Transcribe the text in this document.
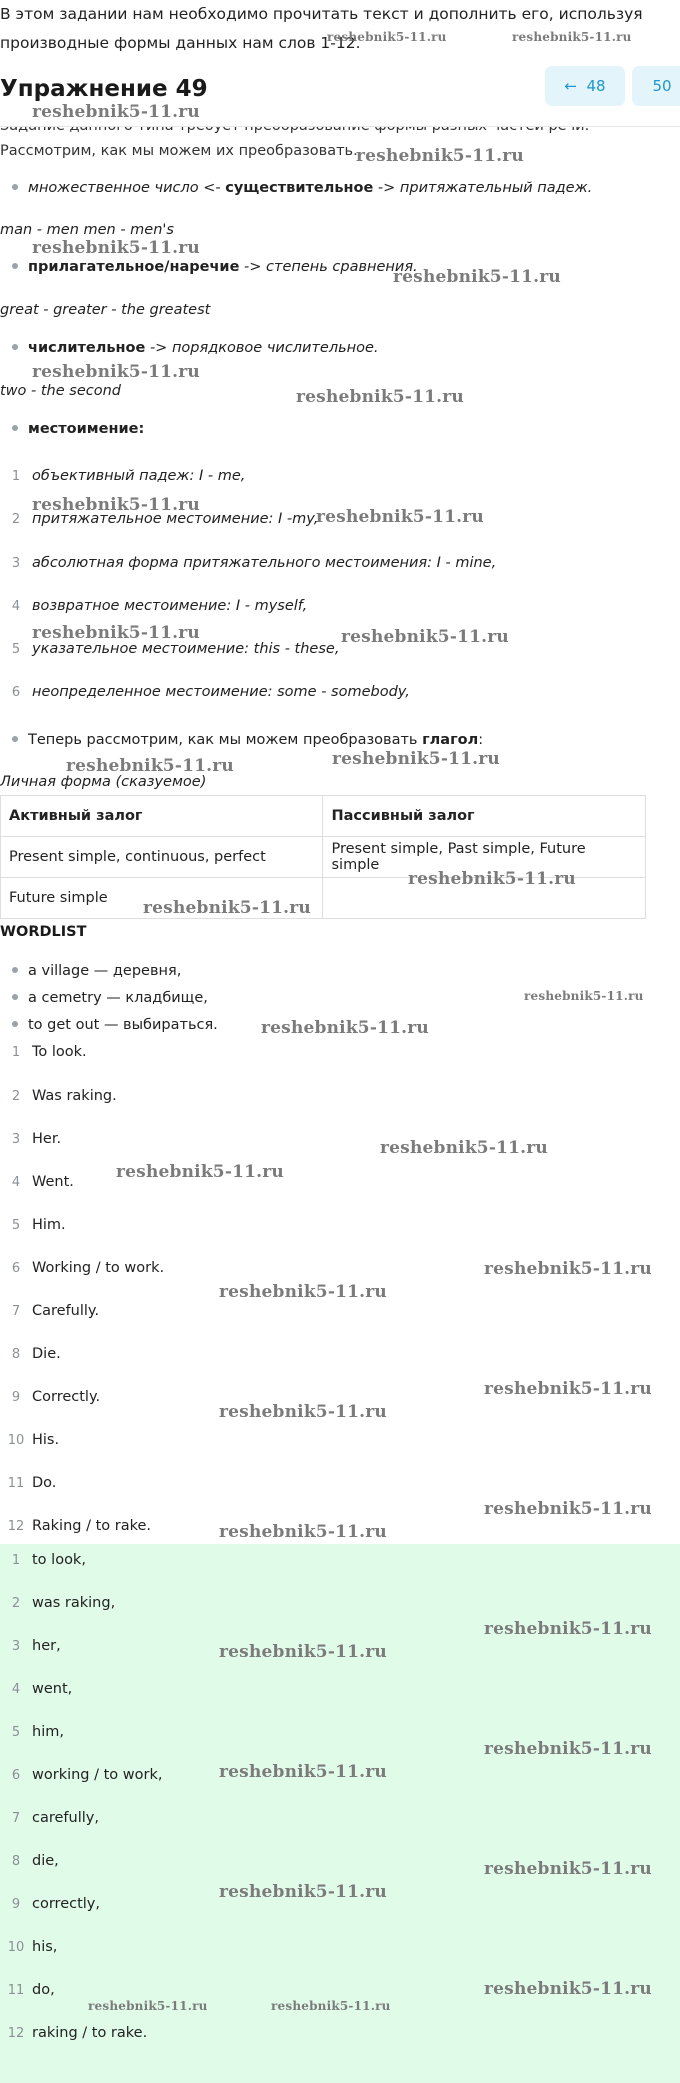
В этом задании нам необходимо прочитать текст и дополнить его, используя
производные формы данных нам слов 1-12.
Рассмотрим, как мы можем их преобразовать.
множественное число <- существительное -> притяжательный падеж.
man - men men - men's
прилагательное/наречие -> степень сравнения.
great - greater - the greatest
числительное -> порядковое числительное.
two - the second
местоимение:
1 объективный падеж: I - me,
2 притяжательное местоимение: I -my,
3 абсолютная форма притяжательного местоимения: I - mine,
4 возвратное местоимение: I - myself,
5 указательное местоимение: this - these,
6 неопределенное местоимение: some - somebody,
Теперь рассмотрим, как мы можем преобразовать глагол:
Личная форма (сказуемое)
Активный залог	Пассивный залог
Present simple, continuous, perfect	Present simple, Past simple, Future simple
Future simple	
WORDLIST
a village — деревня,
a cemetry — кладбище,
to get out — выбираться.
1 To look.
2 Was raking.
3 Her.
4 Went.
5 Him.
6 Working / to work.
7 Carefully.
8 Die.
9 Correctly.
10 His.
11 Do.
12 Raking / to rake.
1 to look,
2 was raking,
3 her,
4 went,
5 him,
6 working / to work,
7 carefully,
8 die,
9 correctly,
10 his,
11 do,
12 raking / to rake.
Упражнение 49	← 48	50
reshebnik5-11.ru	reshebnik5-11.ru
reshebnik5-11.ru
reshebnik5-11.ru
reshebnik5-11.ru
reshebnik5-11.ru
reshebnik5-11.ru
reshebnik5-11.ru
reshebnik5-11.ru
reshebnik5-11.ru
reshebnik5-11.ru	reshebnik5-11.ru
reshebnik5-11.ru	reshebnik5-11.ru
reshebnik5-11.ru
reshebnik5-11.ru
reshebnik5-11.ru
reshebnik5-11.ru
reshebnik5-11.ru
reshebnik5-11.ru
reshebnik5-11.ru
reshebnik5-11.ru
reshebnik5-11.ru
reshebnik5-11.ru
reshebnik5-11.ru
reshebnik5-11.ru
reshebnik5-11.ru
reshebnik5-11.ru
reshebnik5-11.ru
reshebnik5-11.ru
reshebnik5-11.ru
reshebnik5-11.ru
reshebnik5-11.ru
reshebnik5-11.ru	reshebnik5-11.ru
